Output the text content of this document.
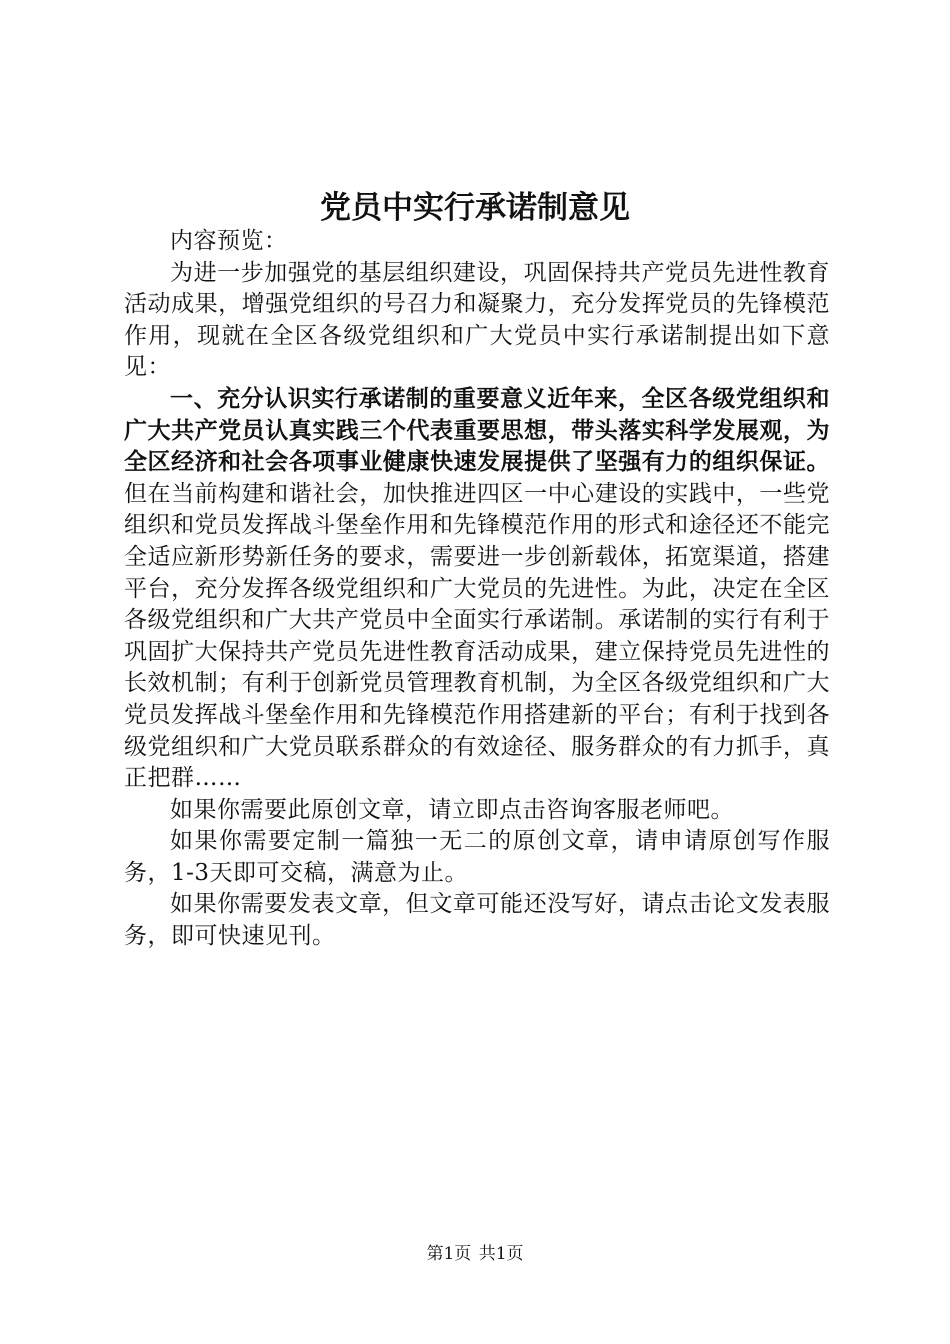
党员中实行承诺制意见

内容预览：

为进一步加强党的基层组织建设，巩固保持共产党员先进性教育活动成果，增强党组织的号召力和凝聚力，充分发挥党员的先锋模范作用，现就在全区各级党组织和广大党员中实行承诺制提出如下意见：

一、充分认识实行承诺制的重要意义近年来，全区各级党组织和广大共产党员认真实践三个代表重要思想，带头落实科学发展观，为全区经济和社会各项事业健康快速发展提供了坚强有力的组织保证。但在当前构建和谐社会，加快推进四区一中心建设的实践中，一些党组织和党员发挥战斗堡垒作用和先锋模范作用的形式和途径还不能完全适应新形势新任务的要求，需要进一步创新载体，拓宽渠道，搭建平台，充分发挥各级党组织和广大党员的先进性。为此，决定在全区各级党组织和广大共产党员中全面实行承诺制。承诺制的实行有利于巩固扩大保持共产党员先进性教育活动成果，建立保持党员先进性的长效机制；有利于创新党员管理教育机制，为全区各级党组织和广大党员发挥战斗堡垒作用和先锋模范作用搭建新的平台；有利于找到各级党组织和广大党员联系群众的有效途径、服务群众的有力抓手，真正把群……

如果你需要此原创文章，请立即点击咨询客服老师吧。

如果你需要定制一篇独一无二的原创文章，请申请原创写作服务，1-3天即可交稿，满意为止。

如果你需要发表文章，但文章可能还没写好，请点击论文发表服务，即可快速见刊。

第1页 共1页
